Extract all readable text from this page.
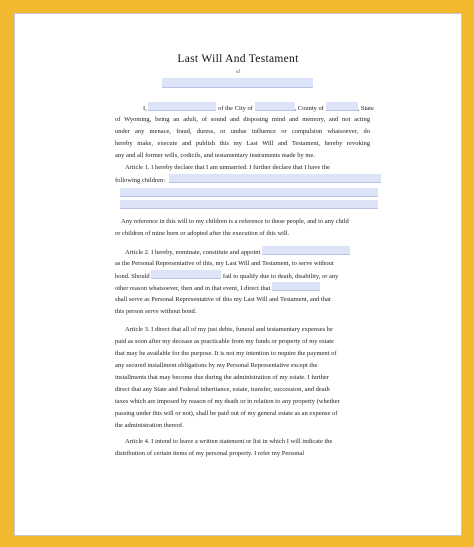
Last Will And Testament
of
I,	of the City of	, County of	, State
of Wyoming, being an adult, of sound and disposing mind and memory, and not acting
under any menace, fraud, duress, or undue influence or compulsion whatsoever, do
hereby make, execute and publish this my Last Will and Testament, hereby revoking
any and all former wills, codicils, and testamentary instruments made by me.
Article 1. I hereby declare that I am unmarried. I further declare that I have the
following children:
Any reference in this will to my children is a reference to these people, and to any child
or children of mine born or adopted after the execution of this will.
Article 2. I hereby, nominate, constitute and appoint
as the Personal Representative of this, my Last Will and Testament, to serve without
bond. Should	fail to qualify due to death, disability, or any
other reason whatsoever, then and in that event, I direct that
shall serve as Personal Representative of this my Last Will and Testament, and that
this person serve without bond.
Article 3. I direct that all of my just debts, funeral and testamentary expenses be
paid as soon after my decease as practicable from my funds or property of my estate
that may be available for the purpose. It is not my intention to require the payment of
any secured installment obligations by my Personal Representative except the
installments that may become due during the administration of my estate. I further
direct that any State and Federal inheritance, estate, transfer, succession, and death
taxes which are imposed by reason of my death or in relation to any property (whether
passing under this will or not), shall be paid out of my general estate as an expense of
the administration thereof.
Article 4. I intend to leave a written statement or list in which I will indicate the
distribution of certain items of my personal property. I refer my Personal
